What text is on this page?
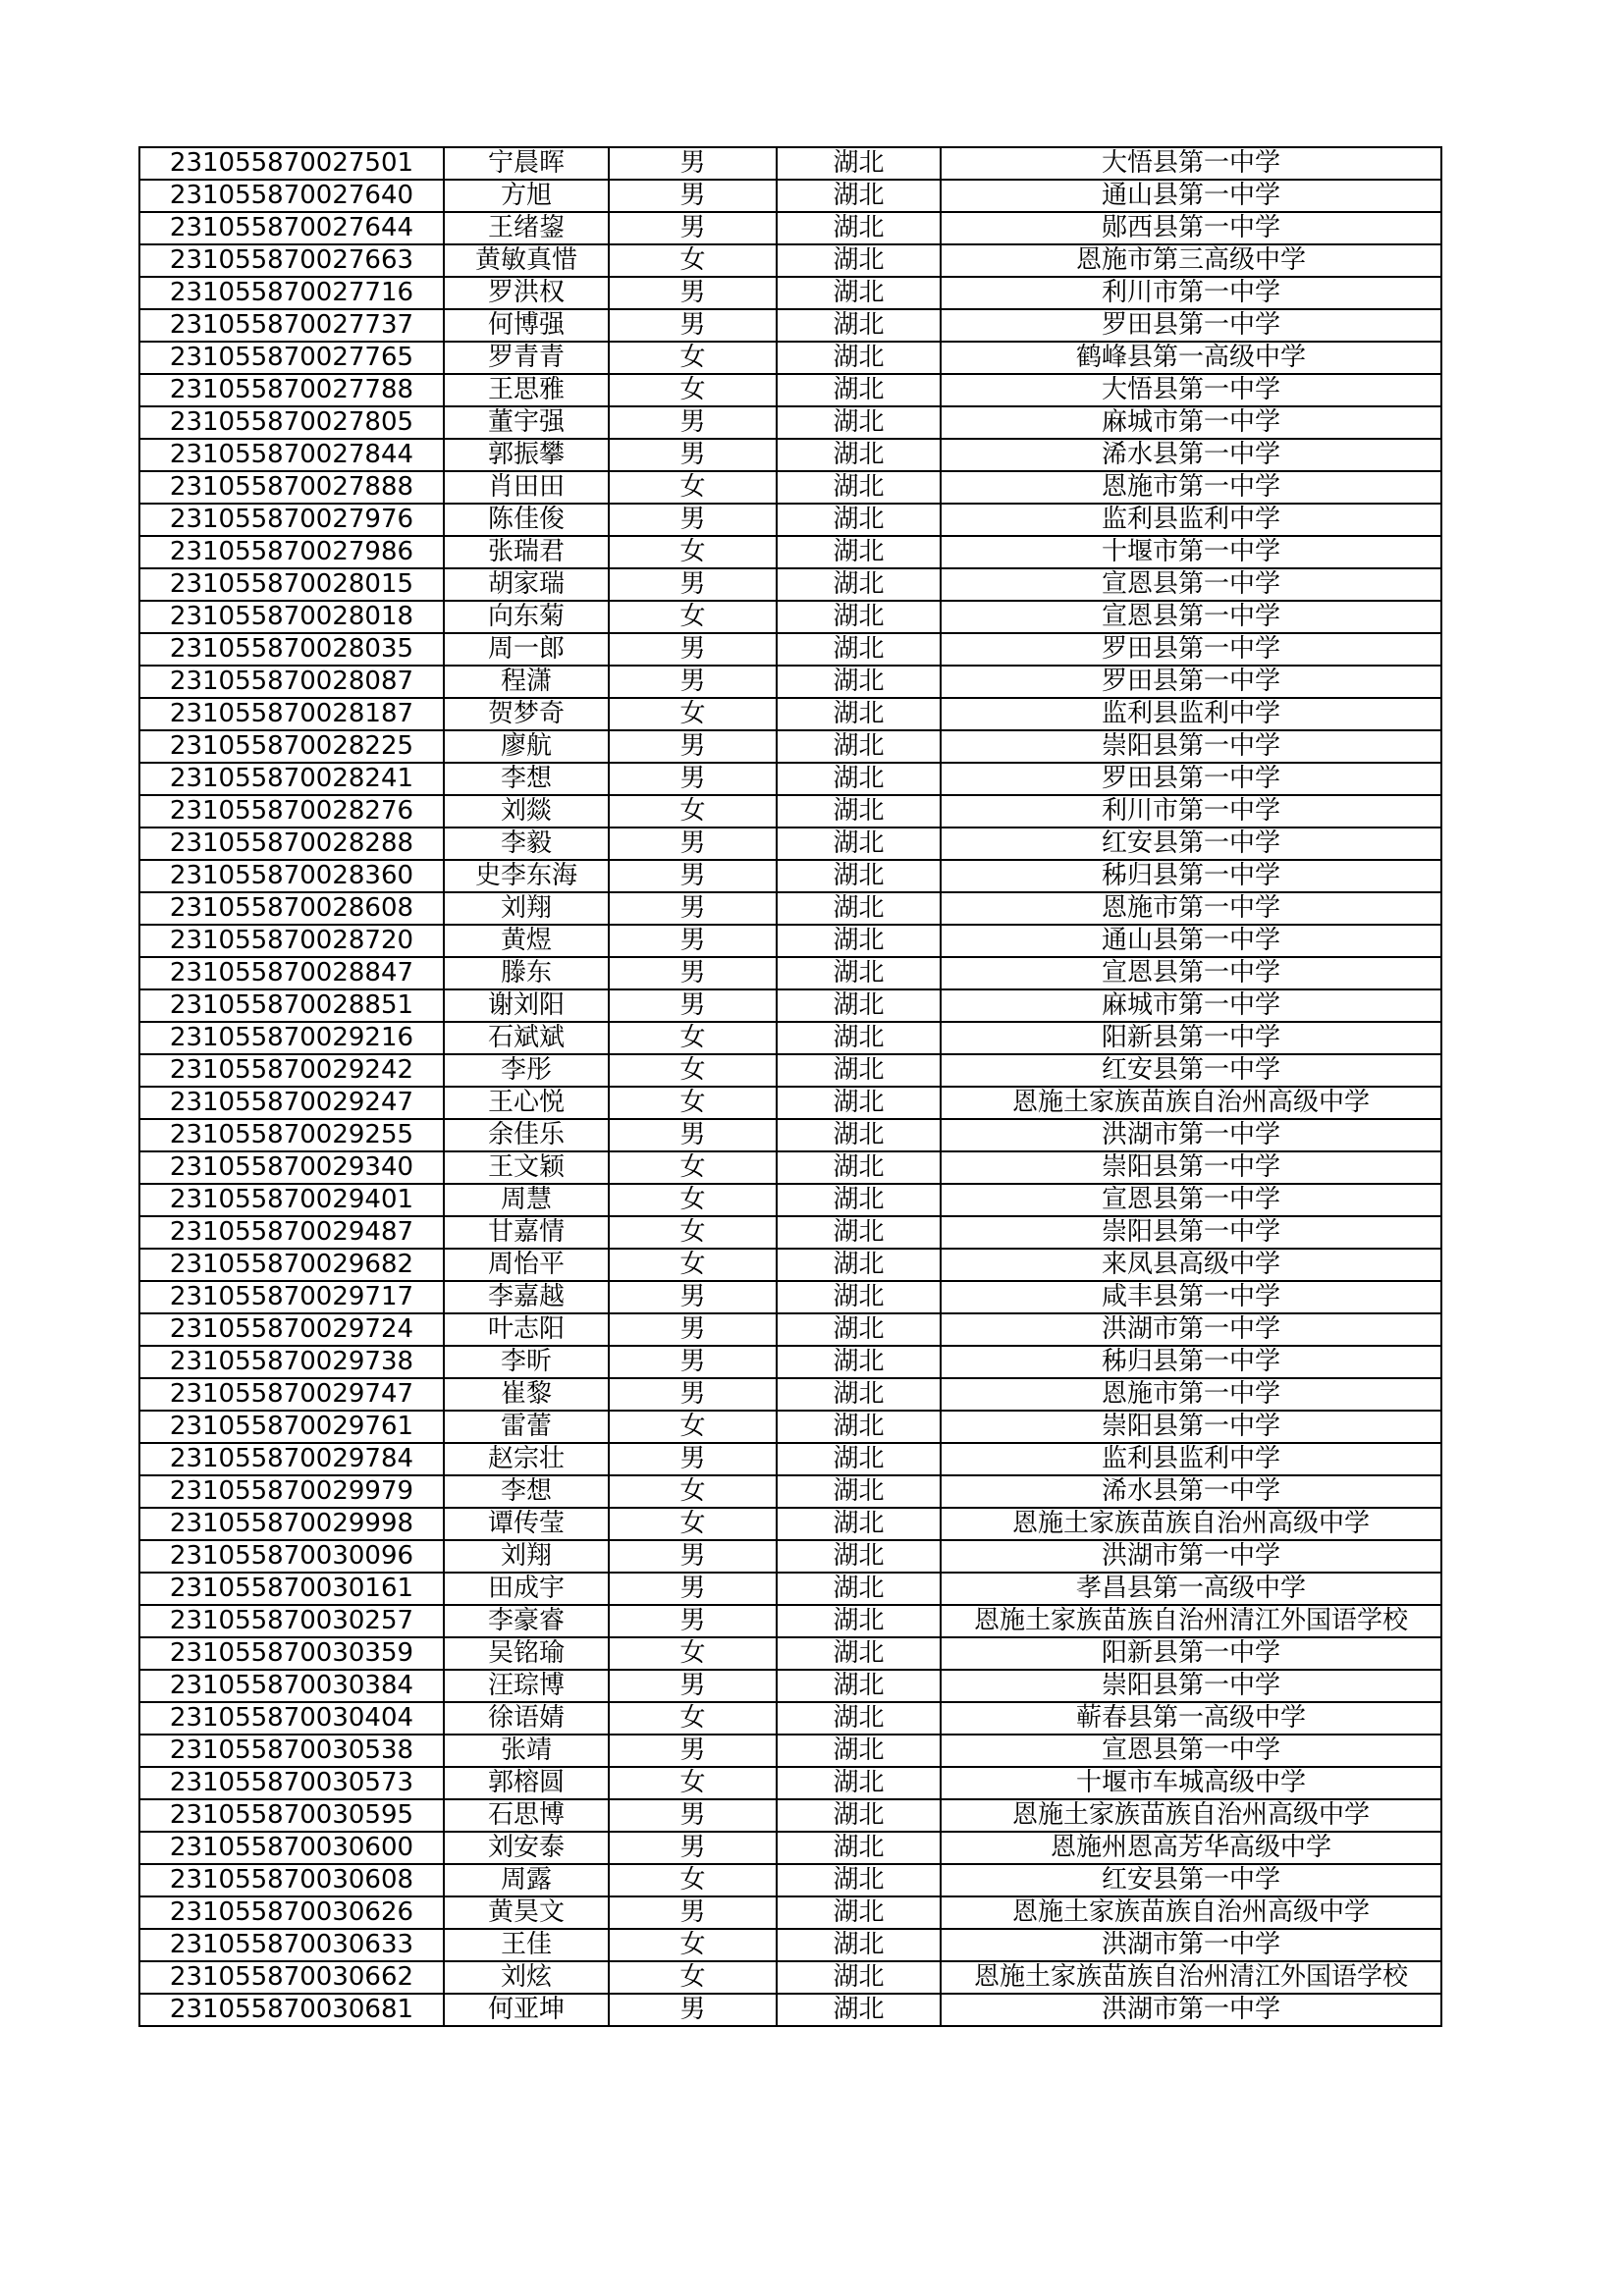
231055870027501	宁晨晖	男	湖北	大悟县第一中学
231055870027640	方旭	男	湖北	通山县第一中学
231055870027644	王绪鋆	男	湖北	郧西县第一中学
231055870027663	黄敏真惜	女	湖北	恩施市第三高级中学
231055870027716	罗洪权	男	湖北	利川市第一中学
231055870027737	何博强	男	湖北	罗田县第一中学
231055870027765	罗青青	女	湖北	鹤峰县第一高级中学
231055870027788	王思雅	女	湖北	大悟县第一中学
231055870027805	董宇强	男	湖北	麻城市第一中学
231055870027844	郭振攀	男	湖北	浠水县第一中学
231055870027888	肖田田	女	湖北	恩施市第一中学
231055870027976	陈佳俊	男	湖北	监利县监利中学
231055870027986	张瑞君	女	湖北	十堰市第一中学
231055870028015	胡家瑞	男	湖北	宣恩县第一中学
231055870028018	向东菊	女	湖北	宣恩县第一中学
231055870028035	周一郎	男	湖北	罗田县第一中学
231055870028087	程潇	男	湖北	罗田县第一中学
231055870028187	贺梦奇	女	湖北	监利县监利中学
231055870028225	廖航	男	湖北	崇阳县第一中学
231055870028241	李想	男	湖北	罗田县第一中学
231055870028276	刘燚	女	湖北	利川市第一中学
231055870028288	李毅	男	湖北	红安县第一中学
231055870028360	史李东海	男	湖北	秭归县第一中学
231055870028608	刘翔	男	湖北	恩施市第一中学
231055870028720	黄煜	男	湖北	通山县第一中学
231055870028847	滕东	男	湖北	宣恩县第一中学
231055870028851	谢刘阳	男	湖北	麻城市第一中学
231055870029216	石斌斌	女	湖北	阳新县第一中学
231055870029242	李彤	女	湖北	红安县第一中学
231055870029247	王心悦	女	湖北	恩施土家族苗族自治州高级中学
231055870029255	余佳乐	男	湖北	洪湖市第一中学
231055870029340	王文颖	女	湖北	崇阳县第一中学
231055870029401	周慧	女	湖北	宣恩县第一中学
231055870029487	甘嘉情	女	湖北	崇阳县第一中学
231055870029682	周怡平	女	湖北	来凤县高级中学
231055870029717	李嘉越	男	湖北	咸丰县第一中学
231055870029724	叶志阳	男	湖北	洪湖市第一中学
231055870029738	李昕	男	湖北	秭归县第一中学
231055870029747	崔黎	男	湖北	恩施市第一中学
231055870029761	雷蕾	女	湖北	崇阳县第一中学
231055870029784	赵宗壮	男	湖北	监利县监利中学
231055870029979	李想	女	湖北	浠水县第一中学
231055870029998	谭传莹	女	湖北	恩施土家族苗族自治州高级中学
231055870030096	刘翔	男	湖北	洪湖市第一中学
231055870030161	田成宇	男	湖北	孝昌县第一高级中学
231055870030257	李豪睿	男	湖北	恩施土家族苗族自治州清江外国语学校
231055870030359	吴铭瑜	女	湖北	阳新县第一中学
231055870030384	汪琮博	男	湖北	崇阳县第一中学
231055870030404	徐语婧	女	湖北	蕲春县第一高级中学
231055870030538	张靖	男	湖北	宣恩县第一中学
231055870030573	郭榕圆	女	湖北	十堰市车城高级中学
231055870030595	石思博	男	湖北	恩施土家族苗族自治州高级中学
231055870030600	刘安泰	男	湖北	恩施州恩高芳华高级中学
231055870030608	周露	女	湖北	红安县第一中学
231055870030626	黄昊文	男	湖北	恩施土家族苗族自治州高级中学
231055870030633	王佳	女	湖北	洪湖市第一中学
231055870030662	刘炫	女	湖北	恩施土家族苗族自治州清江外国语学校
231055870030681	何亚坤	男	湖北	洪湖市第一中学
